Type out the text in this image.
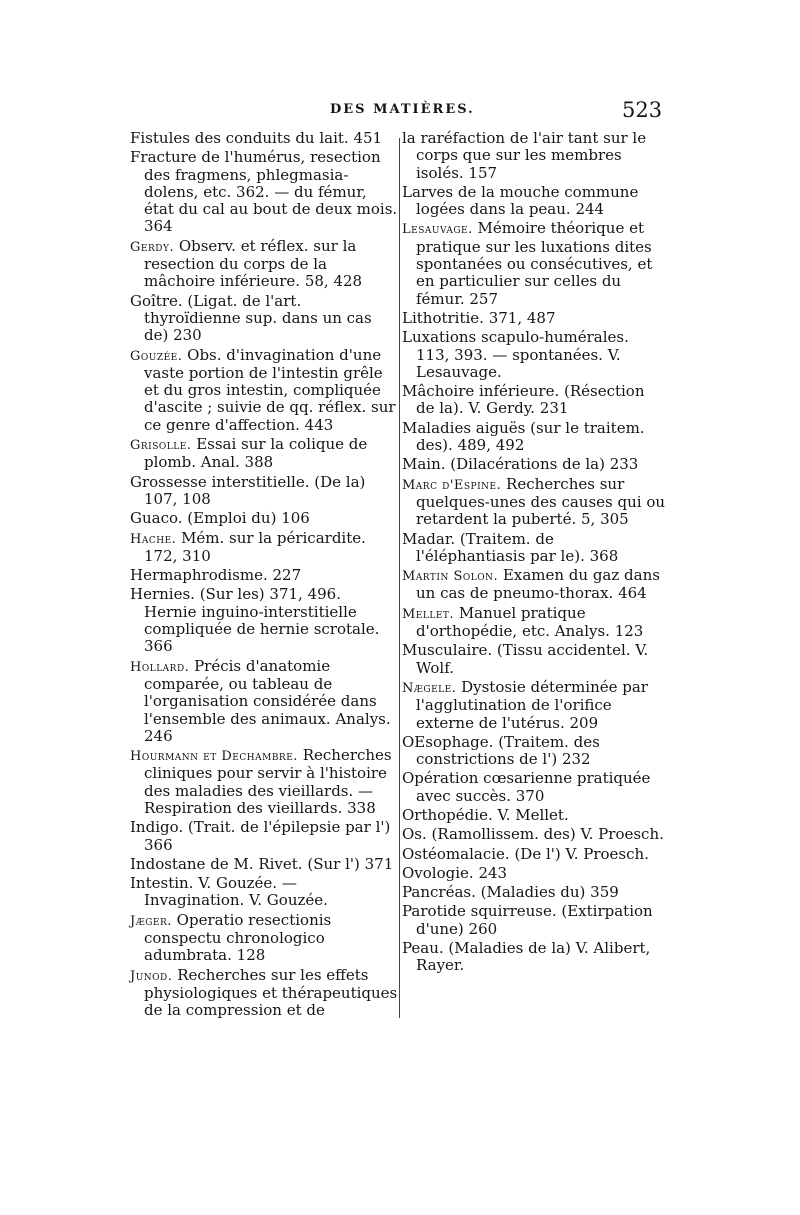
DES MATIÈRES.	523

Fistules des conduits du lait. 451

Fracture de l'humérus, resection des fragmens, phlegmasia-dolens, etc. 362. — du fémur, état du cal au bout de deux mois. 364

Gerdy. Observ. et réflex. sur la resection du corps de la mâchoire inférieure. 58, 428

Goître. (Ligat. de l'art. thyroïdienne sup. dans un cas de) 230

Gouzée. Obs. d'invagination d'une vaste portion de l'intestin grêle et du gros intestin, compliquée d'ascite ; suivie de qq. réflex. sur ce genre d'affection. 443

Grisolle. Essai sur la colique de plomb. Anal. 388

Grossesse interstitielle. (De la) 107, 108

Guaco. (Emploi du) 106

Hache. Mém. sur la péricardite. 172, 310

Hermaphrodisme. 227

Hernies. (Sur les) 371, 496. Hernie inguino-interstitielle compliquée de hernie scrotale. 366

Hollard. Précis d'anatomie comparée, ou tableau de l'organisation considérée dans l'ensemble des animaux. Analys. 246

Hourmann et Dechambre. Recherches cliniques pour servir à l'histoire des maladies des vieillards. — Respiration des vieillards. 338

Indigo. (Trait. de l'épilepsie par l') 366

Indostane de M. Rivet. (Sur l') 371

Intestin. V. Gouzée. — Invagination. V. Gouzée.

Jæger. Operatio resectionis conspectu chronologico adumbrata. 128

Junod. Recherches sur les effets physiologiques et thérapeutiques de la compression et de

la raréfaction de l'air tant sur le corps que sur les membres isolés. 157

Larves de la mouche commune logées dans la peau. 244

Lesauvage. Mémoire théorique et pratique sur les luxations dites spontanées ou consécutives, et en particulier sur celles du fémur. 257

Lithotritie. 371, 487

Luxations scapulo-humérales. 113, 393. — spontanées. V. Lesauvage.

Mâchoire inférieure. (Résection de la). V. Gerdy. 231

Maladies aiguës (sur le traitem. des). 489, 492

Main. (Dilacérations de la) 233

Marc d'Espine. Recherches sur quelques-unes des causes qui ou retardent la puberté. 5, 305

Madar. (Traitem. de l'éléphantiasis par le). 368

Martin Solon. Examen du gaz dans un cas de pneumo-thorax. 464

Mellet. Manuel pratique d'orthopédie, etc. Analys. 123

Musculaire. (Tissu accidentel. V. Wolf.

Nægele. Dystosie déterminée par l'agglutination de l'orifice externe de l'utérus. 209

OEsophage. (Traitem. des constrictions de l') 232

Opération cœsarienne pratiquée avec succès. 370

Orthopédie. V. Mellet.

Os. (Ramollissem. des) V. Proesch.

Ostéomalacie. (De l') V. Proesch.

Ovologie. 243

Pancréas. (Maladies du) 359

Parotide squirreuse. (Extirpation d'une) 260

Peau. (Maladies de la) V. Alibert, Rayer.
